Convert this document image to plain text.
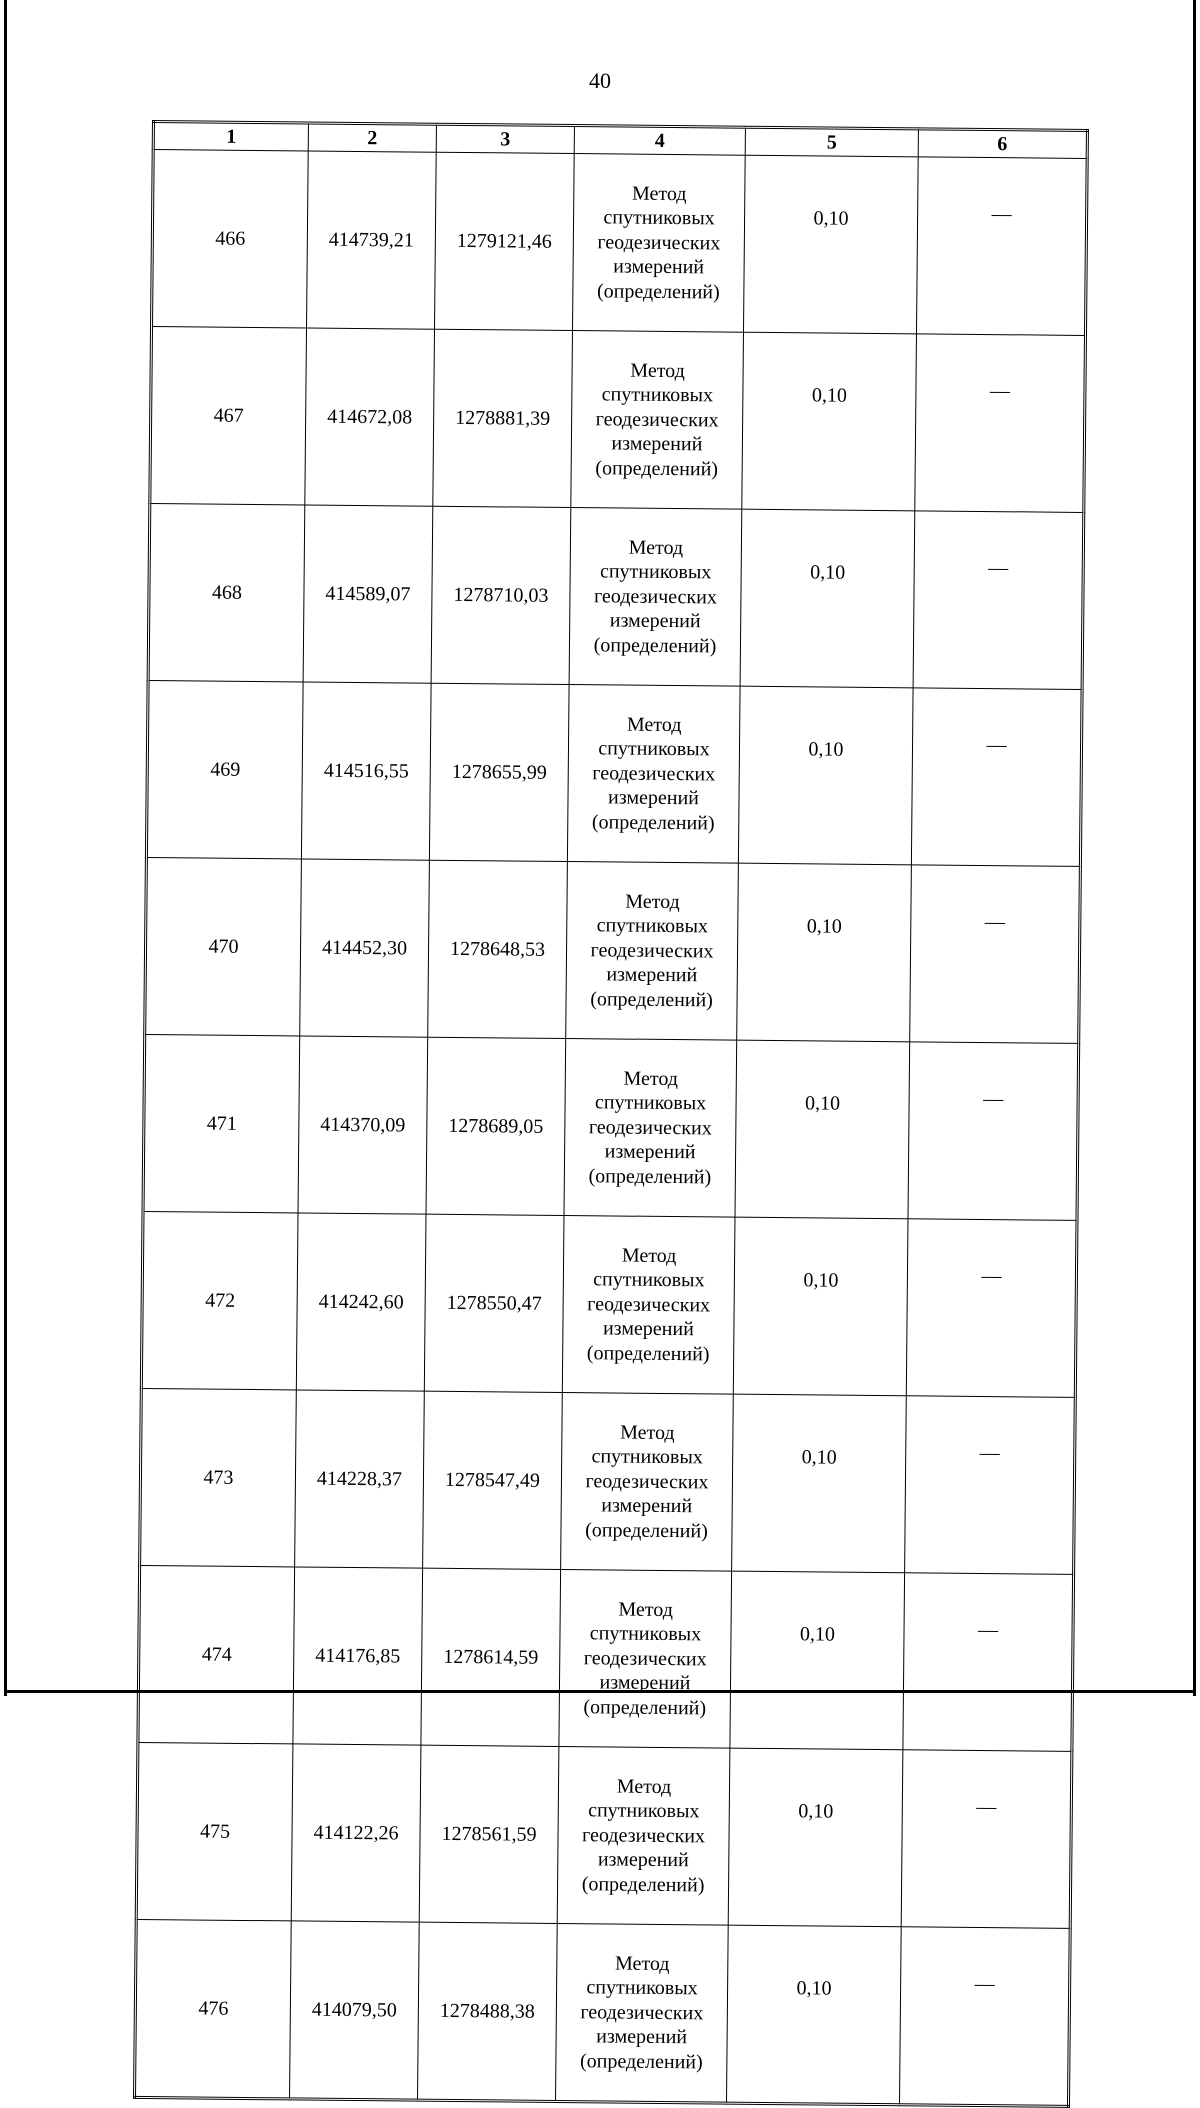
40
1	2	3	4	5	6
466	414739,21	1279121,46	Метод
спутниковых
геодезических
измерений
(определений)	0,10	—
467	414672,08	1278881,39	Метод
спутниковых
геодезических
измерений
(определений)	0,10	—
468	414589,07	1278710,03	Метод
спутниковых
геодезических
измерений
(определений)	0,10	—
469	414516,55	1278655,99	Метод
спутниковых
геодезических
измерений
(определений)	0,10	—
470	414452,30	1278648,53	Метод
спутниковых
геодезических
измерений
(определений)	0,10	—
471	414370,09	1278689,05	Метод
спутниковых
геодезических
измерений
(определений)	0,10	—
472	414242,60	1278550,47	Метод
спутниковых
геодезических
измерений
(определений)	0,10	—
473	414228,37	1278547,49	Метод
спутниковых
геодезических
измерений
(определений)	0,10	—
474	414176,85	1278614,59	Метод
спутниковых
геодезических
измерений
(определений)	0,10	—
475	414122,26	1278561,59	Метод
спутниковых
геодезических
измерений
(определений)	0,10	—
476	414079,50	1278488,38	Метод
спутниковых
геодезических
измерений
(определений)	0,10	—
